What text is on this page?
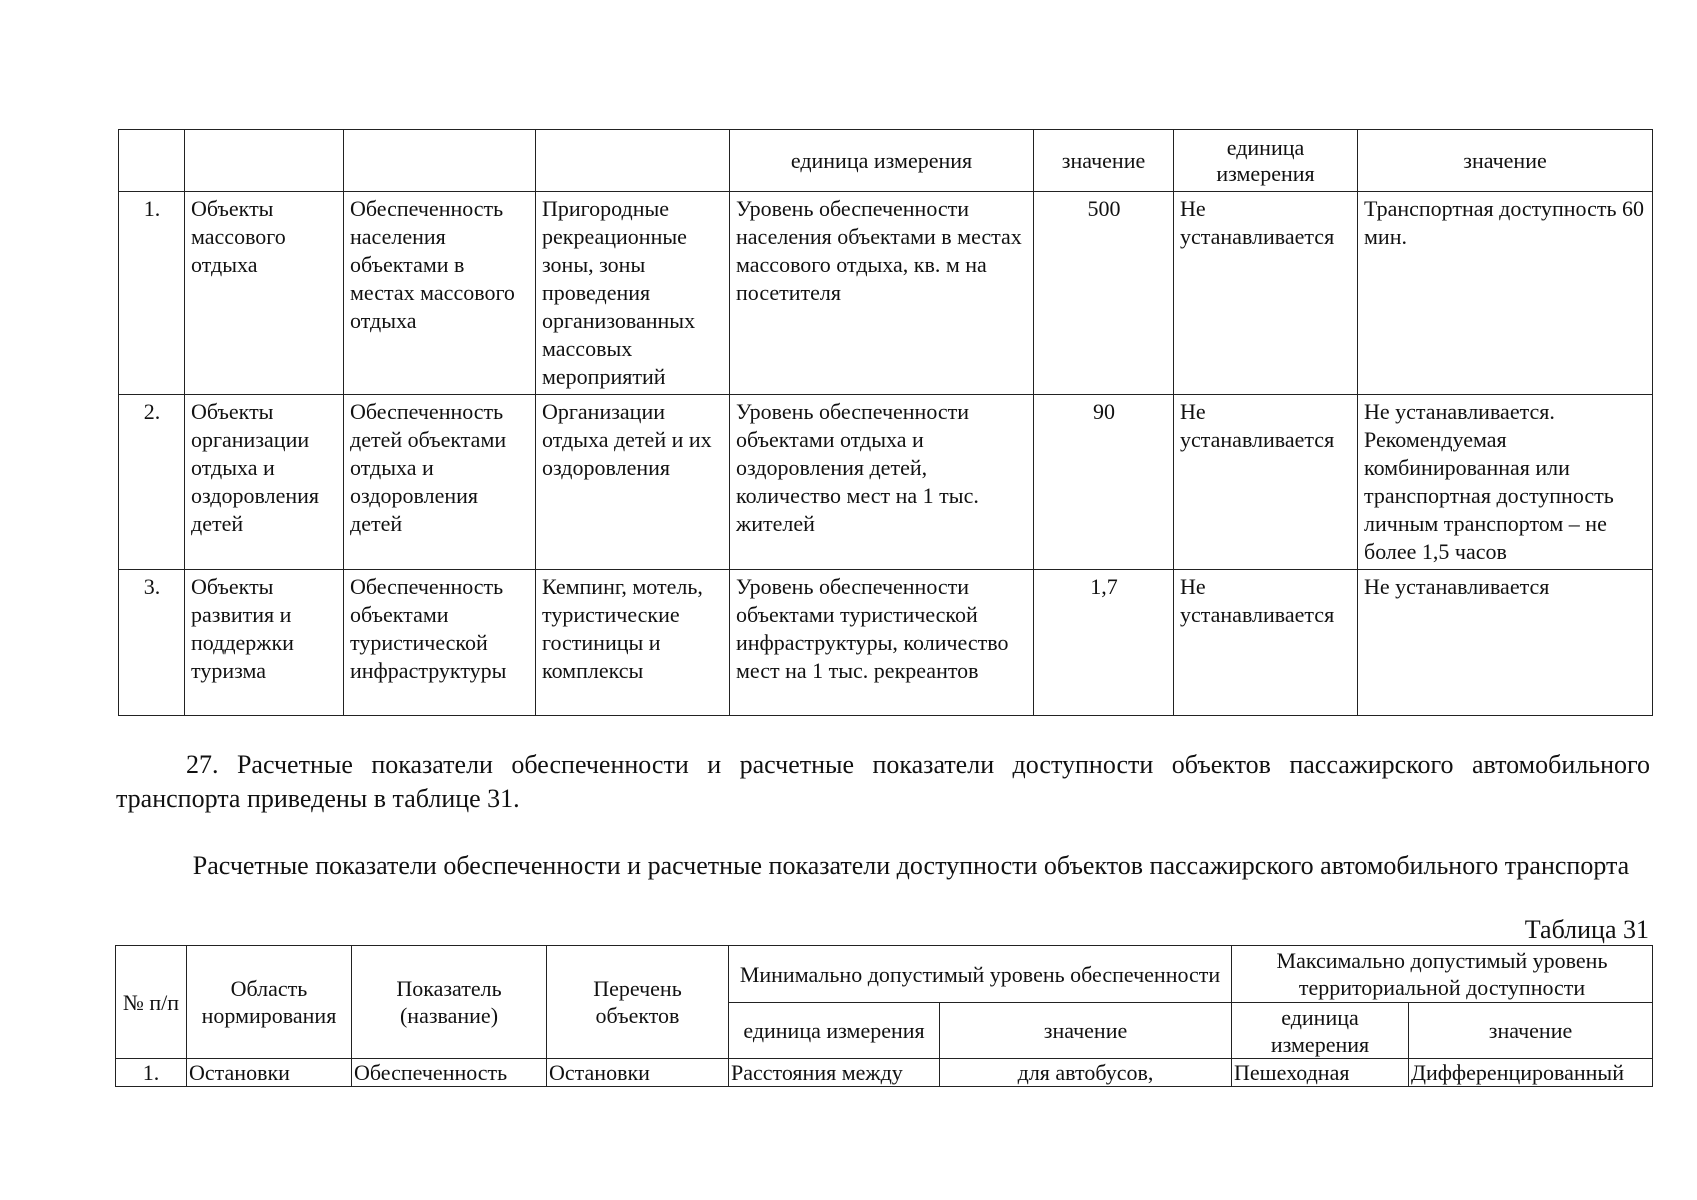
				единица измерения	значение	единица измерения	значение
1.	Объекты массового отдыха	Обеспеченность населения объектами в местах массового отдыха	Пригородные рекреационные зоны, зоны проведения организованных массовых мероприятий	Уровень обеспеченности населения объектами в местах массового отдыха, кв. м на посетителя	500	Не устанавливается	Транспортная доступность 60 мин.
2.	Объекты организации отдыха и оздоровления детей	Обеспеченность детей объектами отдыха и оздоровления детей	Организации отдыха детей и их оздоровления	Уровень обеспеченности объектами отдыха и оздоровления детей, количество мест на 1 тыс. жителей	90	Не устанавливается	Не устанавливается. Рекомендуемая комбинированная или транспортная доступность личным транспортом – не более 1,5 часов
3.	Объекты развития и поддержки туризма	Обеспеченность объектами туристической инфраструктуры	Кемпинг, мотель, туристические гостиницы и комплексы	Уровень обеспеченности объектами туристической инфраструктуры, количество мест на 1 тыс. рекреантов	1,7	Не устанавливается	Не устанавливается

27. Расчетные показатели обеспеченности и расчетные показатели доступности объектов пассажирского автомобильного транспорта приведены в таблице 31.

Расчетные показатели обеспеченности и расчетные показатели доступности объектов пассажирского автомобильного транспорта

Таблица 31

№ п/п	Область нормирования	Показатель (название)	Перечень объектов	Минимально допустимый уровень обеспеченности		Максимально допустимый уровень территориальной доступности	
				единица измерения	значение	единица измерения	значение
1.	Остановки	Обеспеченность	Остановки	Расстояния между	для автобусов,	Пешеходная	Дифференцированный
